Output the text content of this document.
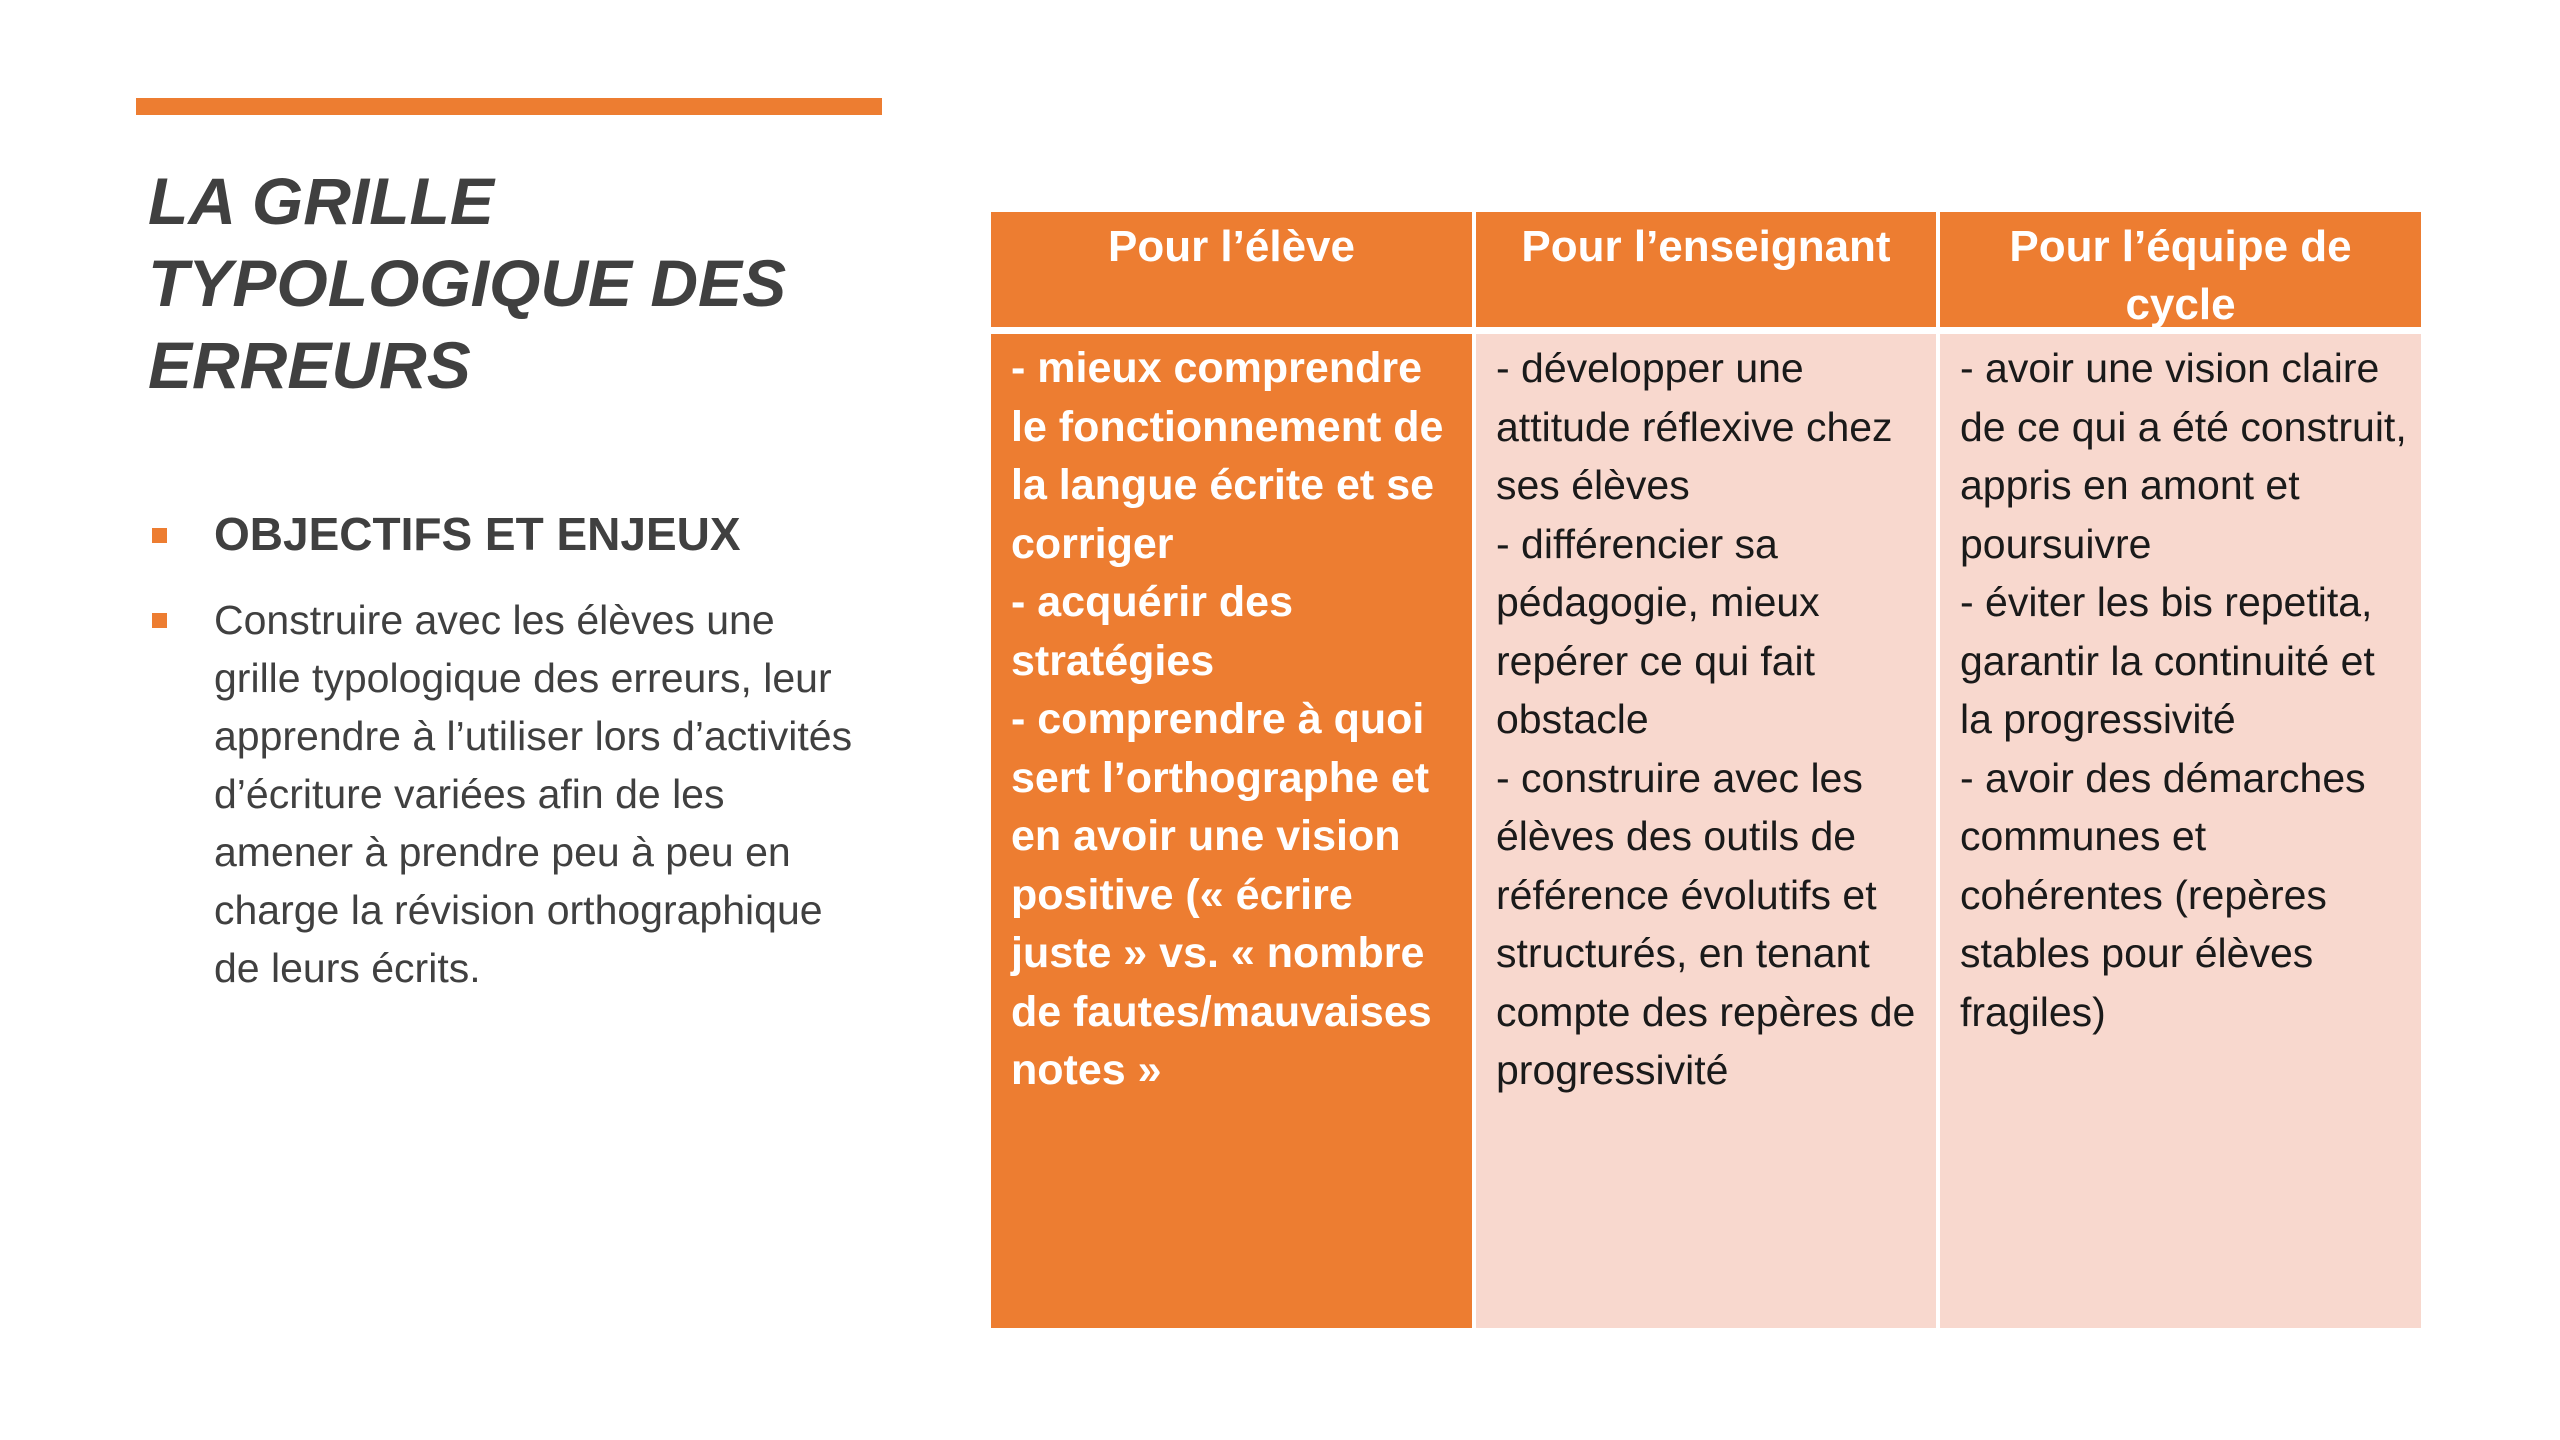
LA GRILLE TYPOLOGIQUE DES ERREURS
OBJECTIFS ET ENJEUX
Construire avec les élèves une grille typologique des erreurs, leur apprendre à l’utiliser lors d’activités d’écriture variées afin de les amener à prendre peu à peu en charge la révision orthographique de leurs écrits.
Pour l’élève	Pour l’enseignant	Pour l’équipe de cycle
- mieux comprendre le fonctionnement de la langue écrite et se corriger
- acquérir des stratégies
- comprendre à quoi sert l’orthographe et en avoir une vision positive (« écrire juste » vs. « nombre de fautes/mauvaises notes »
- développer une attitude réflexive chez ses élèves
- différencier sa pédagogie, mieux repérer ce qui fait obstacle
- construire avec les élèves des outils de référence évolutifs et structurés, en tenant compte des repères de progressivité
- avoir une vision claire de ce qui a été construit, appris en amont et poursuivre
- éviter les bis repetita, garantir la continuité et la progressivité
- avoir des démarches communes et cohérentes (repères stables pour élèves fragiles)
